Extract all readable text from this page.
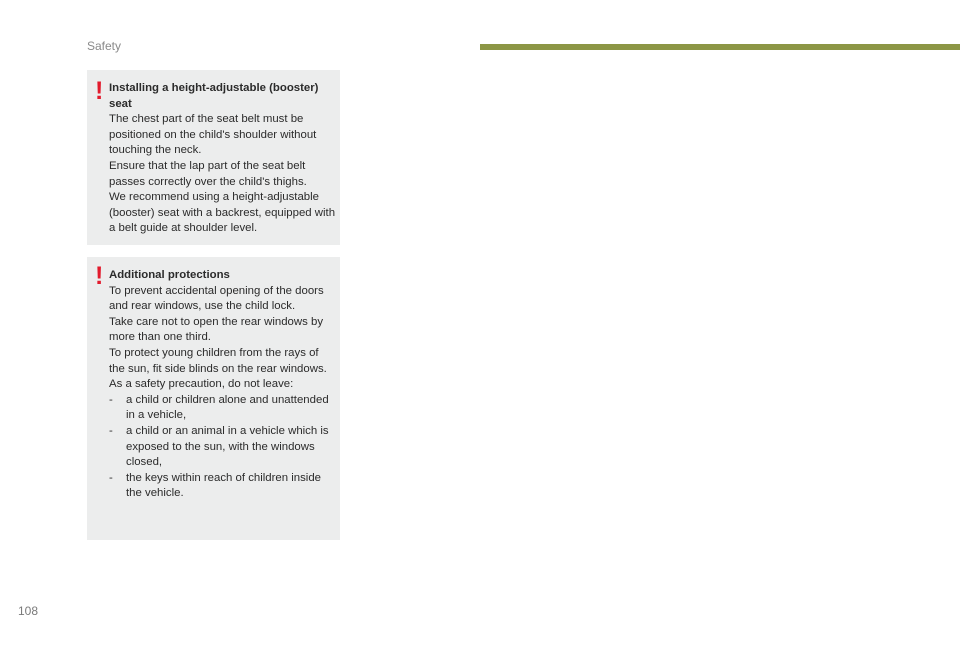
Safety
! Installing a height-adjustable (booster) seat
The chest part of the seat belt must be positioned on the child's shoulder without touching the neck.
Ensure that the lap part of the seat belt passes correctly over the child's thighs.
We recommend using a height-adjustable (booster) seat with a backrest, equipped with a belt guide at shoulder level.
! Additional protections
To prevent accidental opening of the doors and rear windows, use the child lock.
Take care not to open the rear windows by more than one third.
To protect young children from the rays of the sun, fit side blinds on the rear windows.
As a safety precaution, do not leave:
- a child or children alone and unattended in a vehicle,
- a child or an animal in a vehicle which is exposed to the sun, with the windows closed,
- the keys within reach of children inside the vehicle.
108
